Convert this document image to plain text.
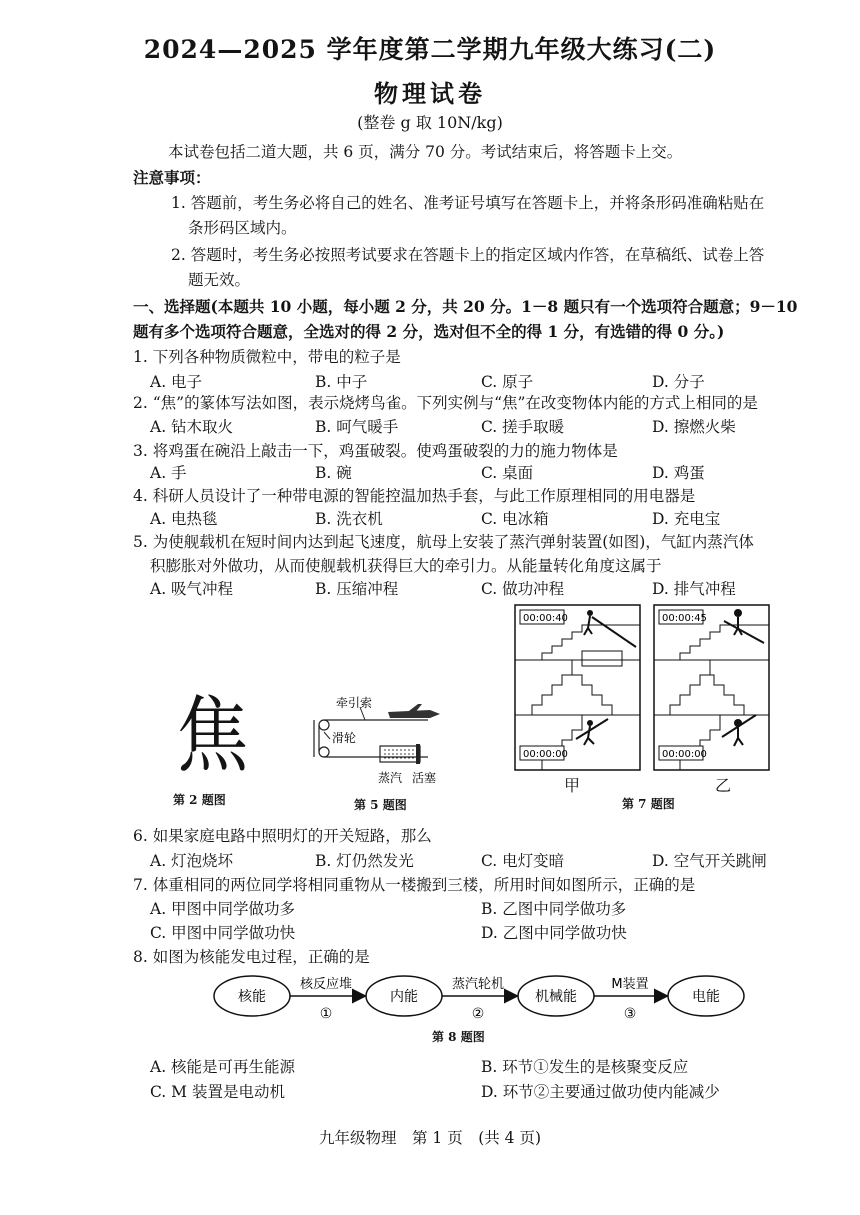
2024—2025 学年度第二学期九年级大练习(二)
物理试卷
(整卷 g 取 10N/kg)
本试卷包括二道大题，共 6 页，满分 70 分。考试结束后，将答题卡上交。
注意事项：
1. 答题前，考生务必将自己的姓名、准考证号填写在答题卡上，并将条形码准确粘贴在
条形码区域内。
2. 答题时，考生务必按照考试要求在答题卡上的指定区域内作答，在草稿纸、试卷上答
题无效。
一、选择题(本题共 10 小题，每小题 2 分，共 20 分。1－8 题只有一个选项符合题意；9－10
题有多个选项符合题意，全选对的得 2 分，选对但不全的得 1 分，有选错的得 0 分。)
1. 下列各种物质微粒中，带电的粒子是
A. 电子	B. 中子	C. 原子	D. 分子
2. “焦”的篆体写法如图，表示烧烤鸟雀。下列实例与“焦”在改变物体内能的方式上相同的是
A. 钻木取火	B. 呵气暖手	C. 搓手取暖	D. 擦燃火柴
3. 将鸡蛋在碗沿上敲击一下，鸡蛋破裂。使鸡蛋破裂的力的施力物体是
A. 手	B. 碗	C. 桌面	D. 鸡蛋
4. 科研人员设计了一种带电源的智能控温加热手套，与此工作原理相同的用电器是
A. 电热毯	B. 洗衣机	C. 电冰箱	D. 充电宝
5. 为使舰载机在短时间内达到起飞速度，航母上安装了蒸汽弹射装置(如图)，气缸内蒸汽体
积膨胀对外做功，从而使舰载机获得巨大的牵引力。从能量转化角度这属于
A. 吸气冲程	B. 压缩冲程	C. 做功冲程	D. 排气冲程
焦
第 2 题图
牵引索
滑轮
蒸汽 活塞
第 5 题图
00:00:40
00:00:00
00:00:45
00:00:00
甲	乙
第 7 题图
6. 如果家庭电路中照明灯的开关短路，那么
A. 灯泡烧坏	B. 灯仍然发光	C. 电灯变暗	D. 空气开关跳闸
7. 体重相同的两位同学将相同重物从一楼搬到三楼，所用时间如图所示，正确的是
A. 甲图中同学做功多	B. 乙图中同学做功多
C. 甲图中同学做功快	D. 乙图中同学做功快
8. 如图为核能发电过程，正确的是
核能	内能	机械能	电能
核反应堆
①
蒸汽轮机
②
M装置
③
第 8 题图
A. 核能是可再生能源	B. 环节①发生的是核聚变反应
C. M 装置是电动机	D. 环节②主要通过做功使内能减少
九年级物理　第 1 页　(共 4 页)
